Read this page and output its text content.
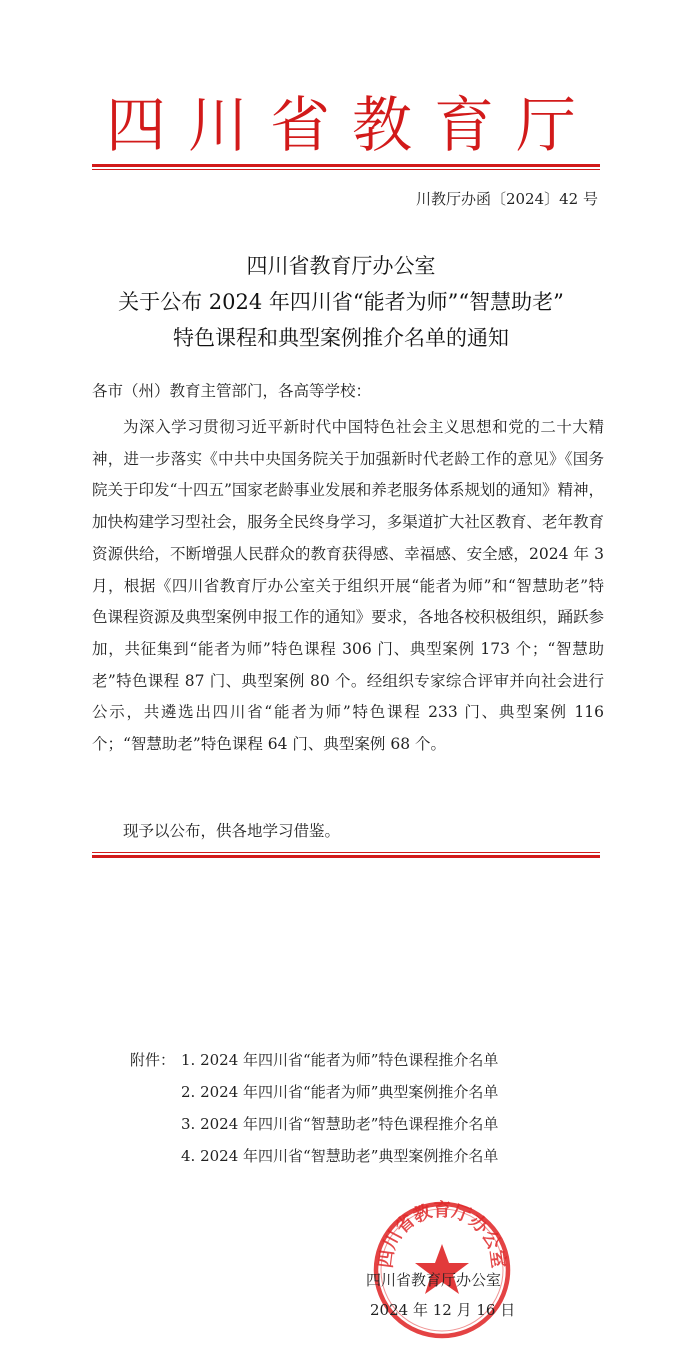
四川省教育厅
川教厅办函〔2024〕42 号
四川省教育厅办公室
关于公布 2024 年四川省“能者为师”“智慧助老”
特色课程和典型案例推介名单的通知
各市（州）教育主管部门，各高等学校：

为深入学习贯彻习近平新时代中国特色社会主义思想和党的二十大精神，进一步落实《中共中央国务院关于加强新时代老龄工作的意见》《国务院关于印发“十四五”国家老龄事业发展和养老服务体系规划的通知》精神，加快构建学习型社会，服务全民终身学习，多渠道扩大社区教育、老年教育资源供给，不断增强人民群众的教育获得感、幸福感、安全感，2024 年 3 月，根据《四川省教育厅办公室关于组织开展“能者为师”和“智慧助老”特色课程资源及典型案例申报工作的通知》要求，各地各校积极组织，踊跃参加，共征集到“能者为师”特色课程 306 门、典型案例 173 个；“智慧助老”特色课程 87 门、典型案例 80 个。经组织专家综合评审并向社会进行公示，共遴选出四川省“能者为师”特色课程 233 门、典型案例 116 个；“智慧助老”特色课程 64 门、典型案例 68 个。

现予以公布，供各地学习借鉴。
附件： 1. 2024 年四川省“能者为师”特色课程推介名单
2. 2024 年四川省“能者为师”典型案例推介名单
3. 2024 年四川省“智慧助老”特色课程推介名单
4. 2024 年四川省“智慧助老”典型案例推介名单
四川省教育厅办公室
四川省教育厅办公室
2024 年 12 月 16 日
